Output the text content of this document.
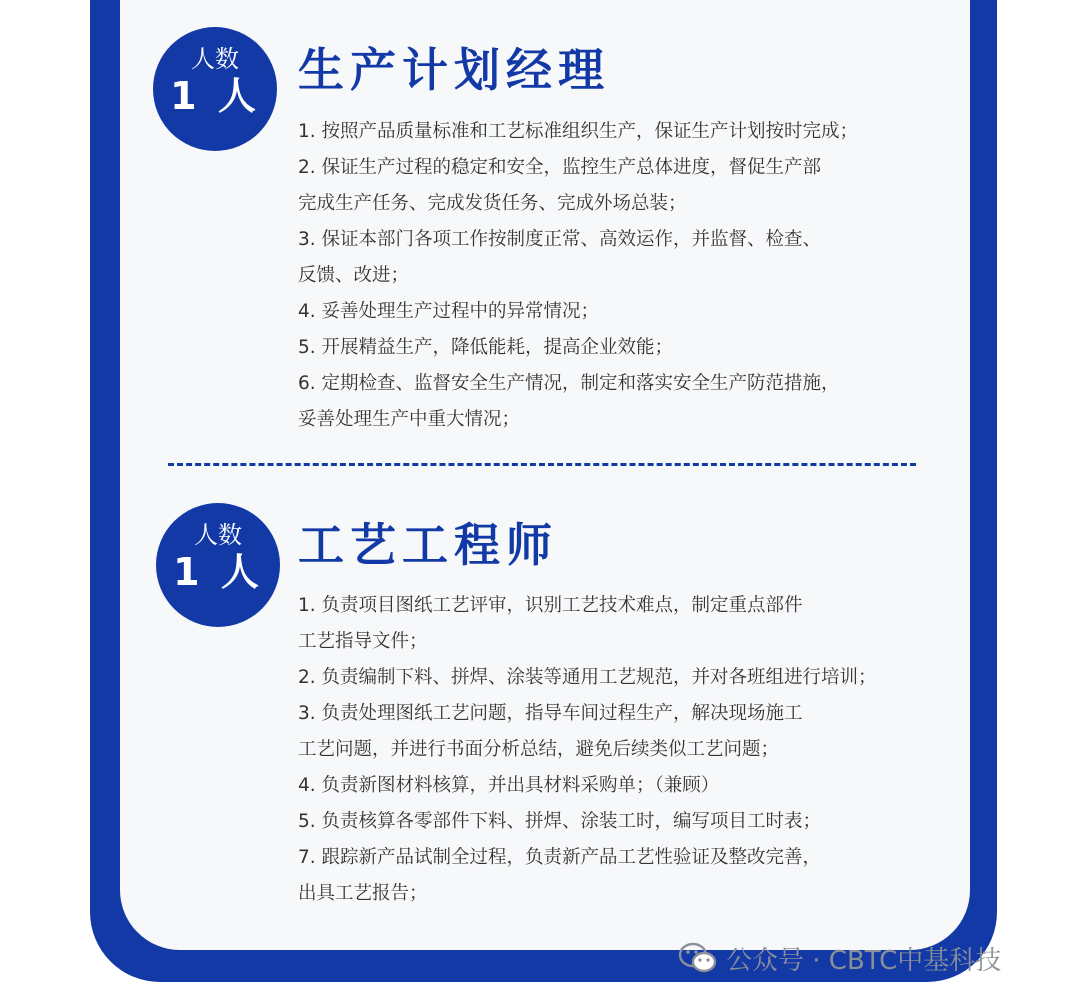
人数
1 人 生产计划经理
1. 按照产品质量标准和工艺标准组织生产，保证生产计划按时完成；
2. 保证生产过程的稳定和安全，监控生产总体进度，督促生产部
完成生产任务、完成发货任务、完成外场总装；
3. 保证本部门各项工作按制度正常、高效运作，并监督、检查、
反馈、改进；
4. 妥善处理生产过程中的异常情况；
5. 开展精益生产，降低能耗，提高企业效能；
6. 定期检查、监督安全生产情况，制定和落实安全生产防范措施，
妥善处理生产中重大情况；
人数
1 人 工艺工程师
1. 负责项目图纸工艺评审，识别工艺技术难点，制定重点部件
工艺指导文件；
2. 负责编制下料、拼焊、涂装等通用工艺规范，并对各班组进行培训；
3. 负责处理图纸工艺问题，指导车间过程生产，解决现场施工
工艺问题，并进行书面分析总结，避免后续类似工艺问题；
4. 负责新图材料核算，并出具材料采购单；（兼顾）
5. 负责核算各零部件下料、拼焊、涂装工时，编写项目工时表；
7. 跟踪新产品试制全过程，负责新产品工艺性验证及整改完善，
出具工艺报告；
公众号 · CBTC中基科技
